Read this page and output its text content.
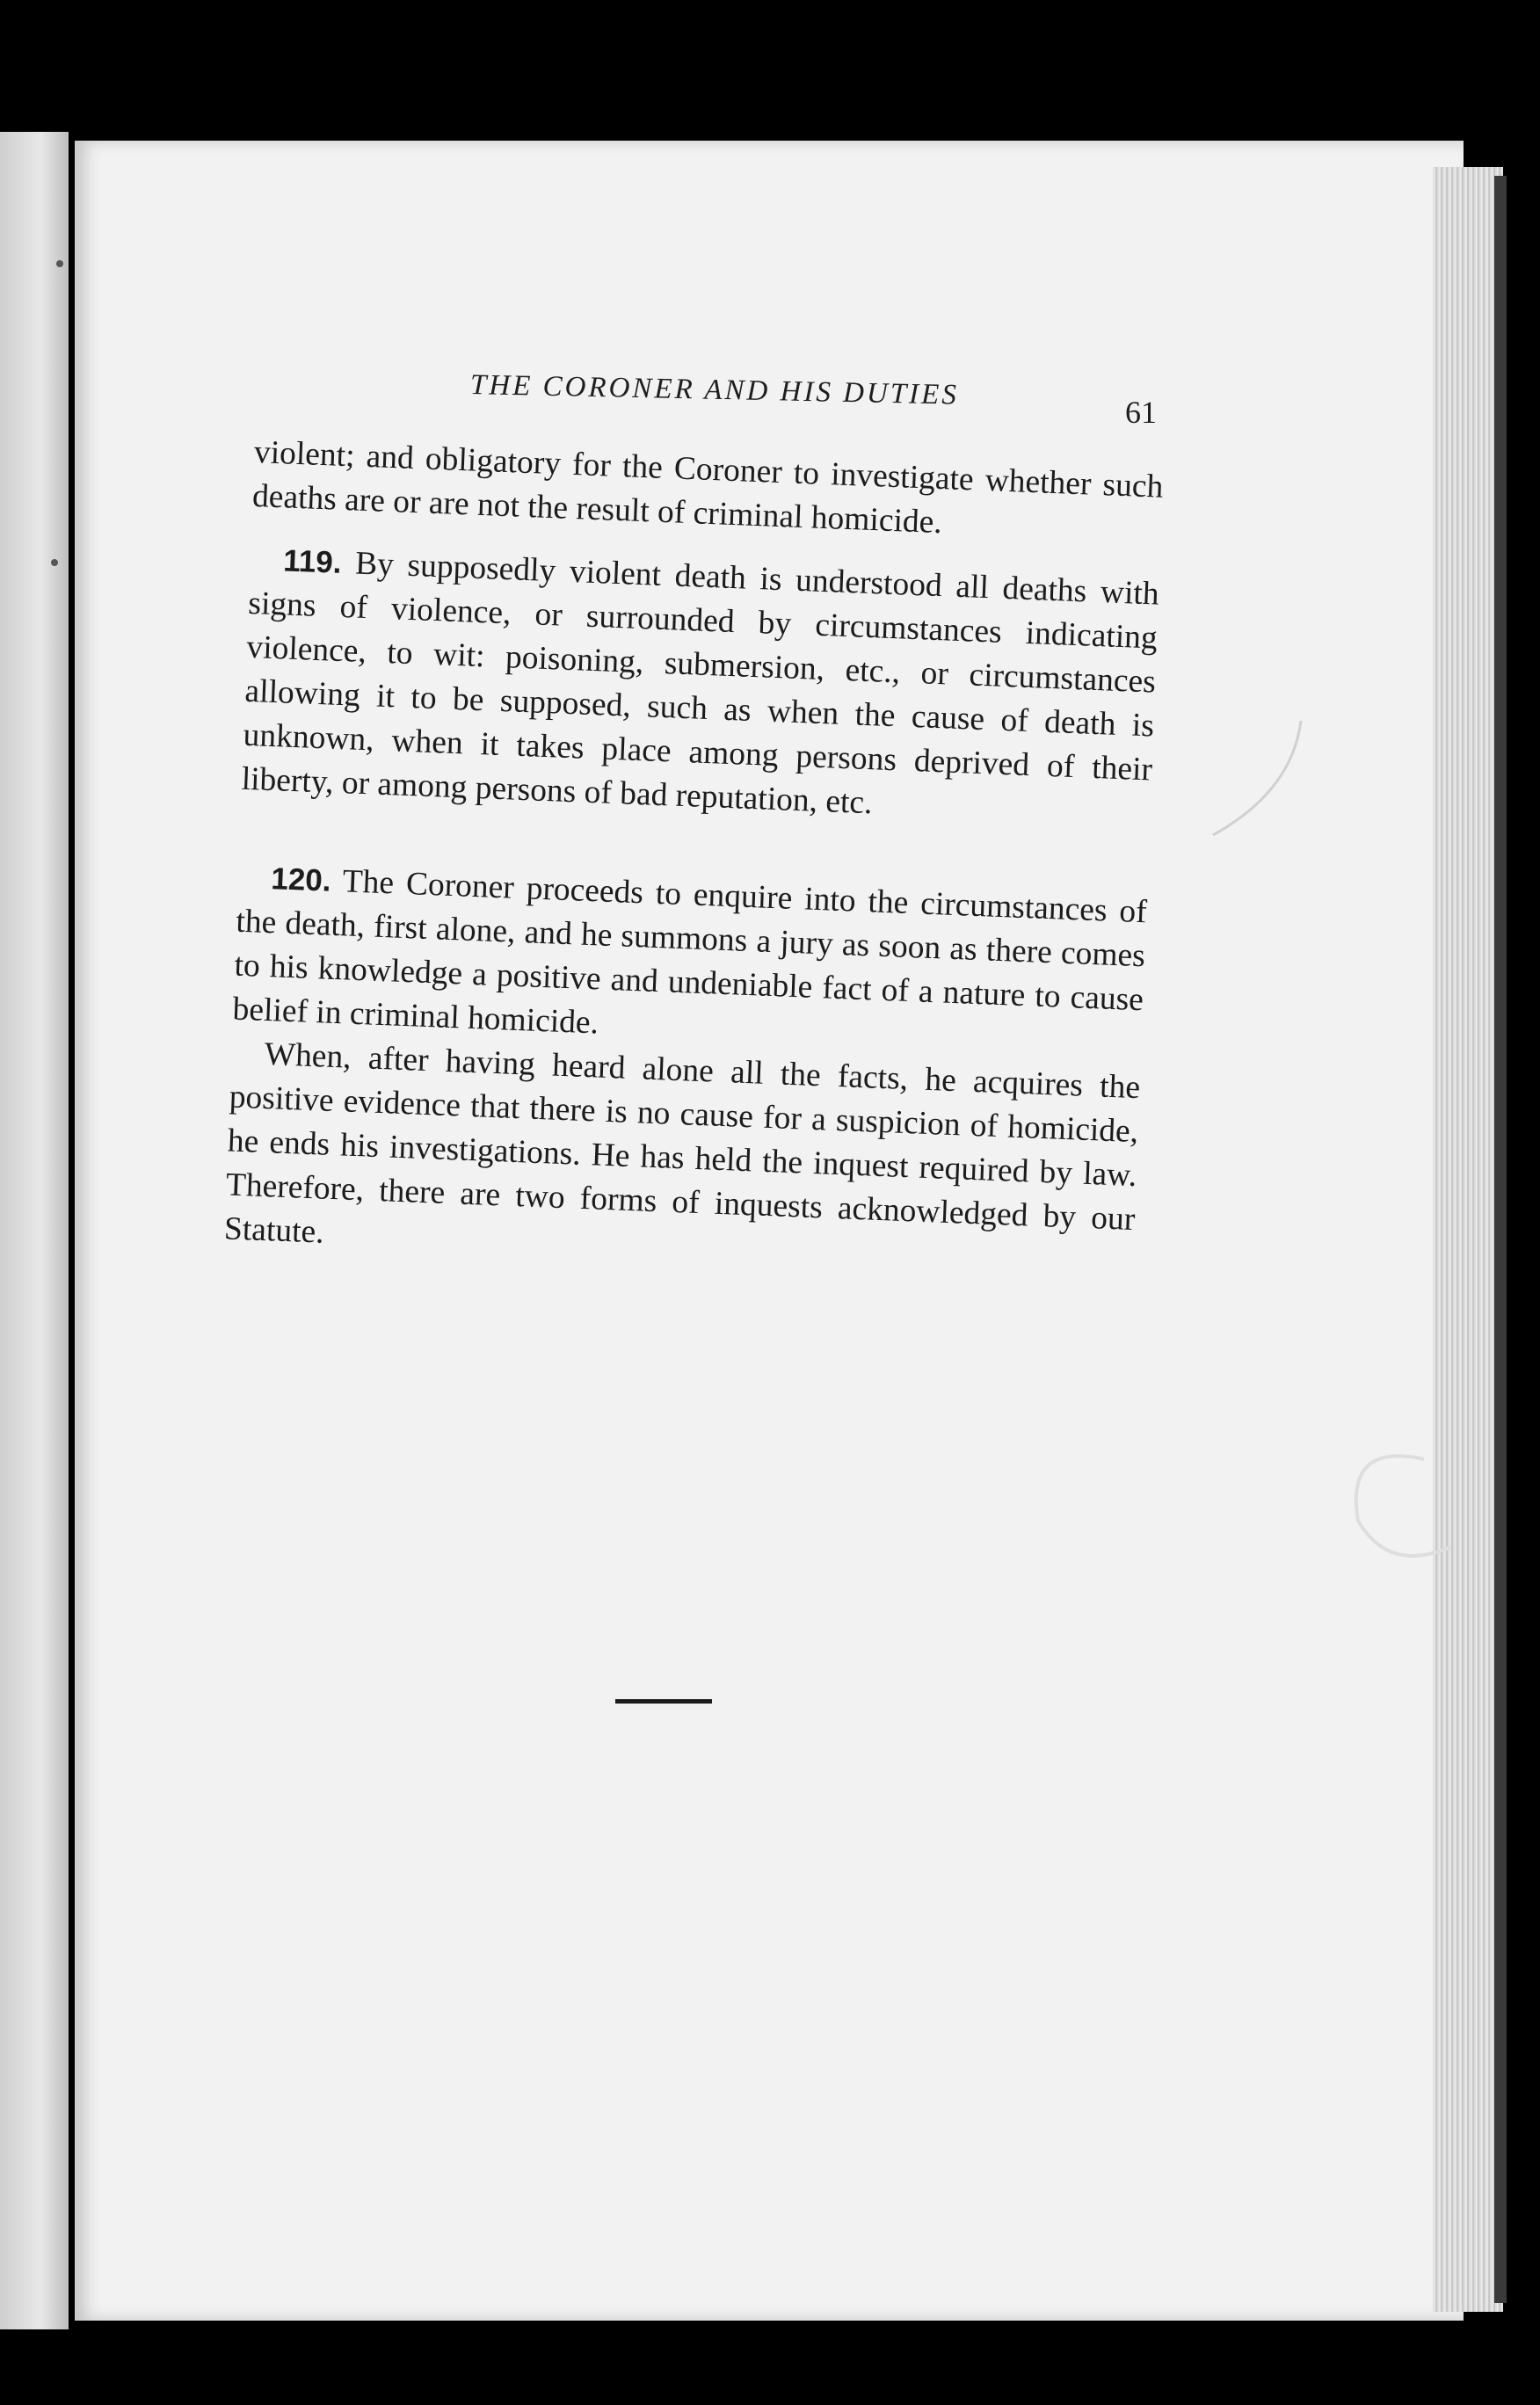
THE CORONER AND HIS DUTIES
61

violent; and obligatory for the Coroner to investigate whether such deaths are or are not the result of criminal homicide.

119. By supposedly violent death is understood all deaths with signs of violence, or surrounded by circumstances indicating violence, to wit: poisoning, submersion, etc., or circumstances allowing it to be supposed, such as when the cause of death is unknown, when it takes place among persons deprived of their liberty, or among persons of bad reputation, etc.

120. The Coroner proceeds to enquire into the circumstances of the death, first alone, and he summons a jury as soon as there comes to his knowledge a positive and undeniable fact of a nature to cause belief in criminal homicide.

When, after having heard alone all the facts, he acquires the positive evidence that there is no cause for a suspicion of homicide, he ends his investigations. He has held the inquest required by law. Therefore, there are two forms of inquests acknowledged by our Statute.
